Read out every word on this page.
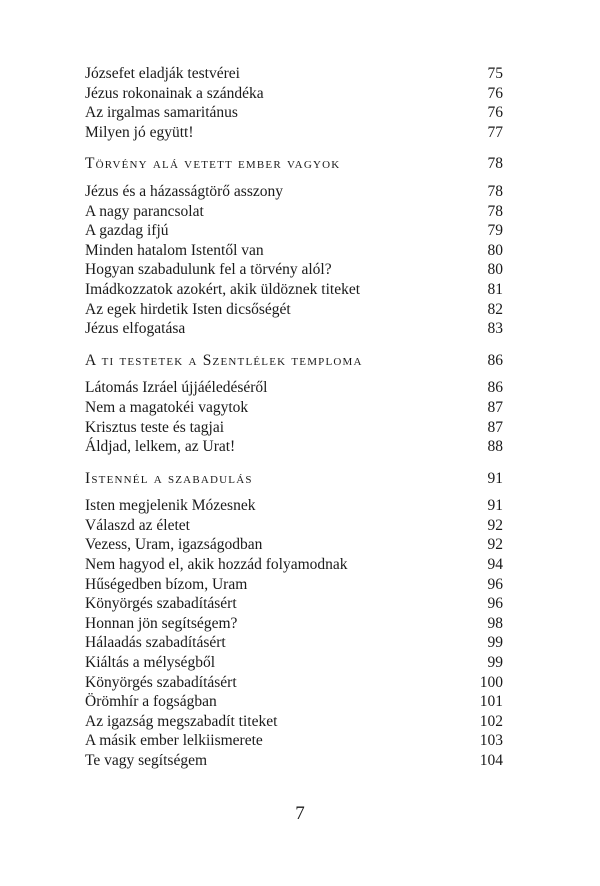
Józsefet eladják testvérei	75
Jézus rokonainak a szándéka	76
Az irgalmas samaritánus	76
Milyen jó együtt!	77
Törvény alá vetett ember vagyok	78
Jézus és a házasságtörő asszony	78
A nagy parancsolat	78
A gazdag ifjú	79
Minden hatalom Istentől van	80
Hogyan szabadulunk fel a törvény alól?	80
Imádkozzatok azokért, akik üldöznek titeket	81
Az egek hirdetik Isten dicsőségét	82
Jézus elfogatása	83
A ti testetek a Szentlélek temploma	86
Látomás Izráel újjáéledéséről	86
Nem a magatokéi vagytok	87
Krisztus teste és tagjai	87
Áldjad, lelkem, az Urat!	88
Istennél a szabadulás	91
Isten megjelenik Mózesnek	91
Válaszd az életet	92
Vezess, Uram, igazságodban	92
Nem hagyod el, akik hozzád folyamodnak	94
Hűségedben bízom, Uram	96
Könyörgés szabadításért	96
Honnan jön segítségem?	98
Hálaadás szabadításért	99
Kiáltás a mélységből	99
Könyörgés szabadításért	100
Örömhír a fogságban	101
Az igazság megszabadít titeket	102
A másik ember lelkiismerete	103
Te vagy segítségem	104
7
